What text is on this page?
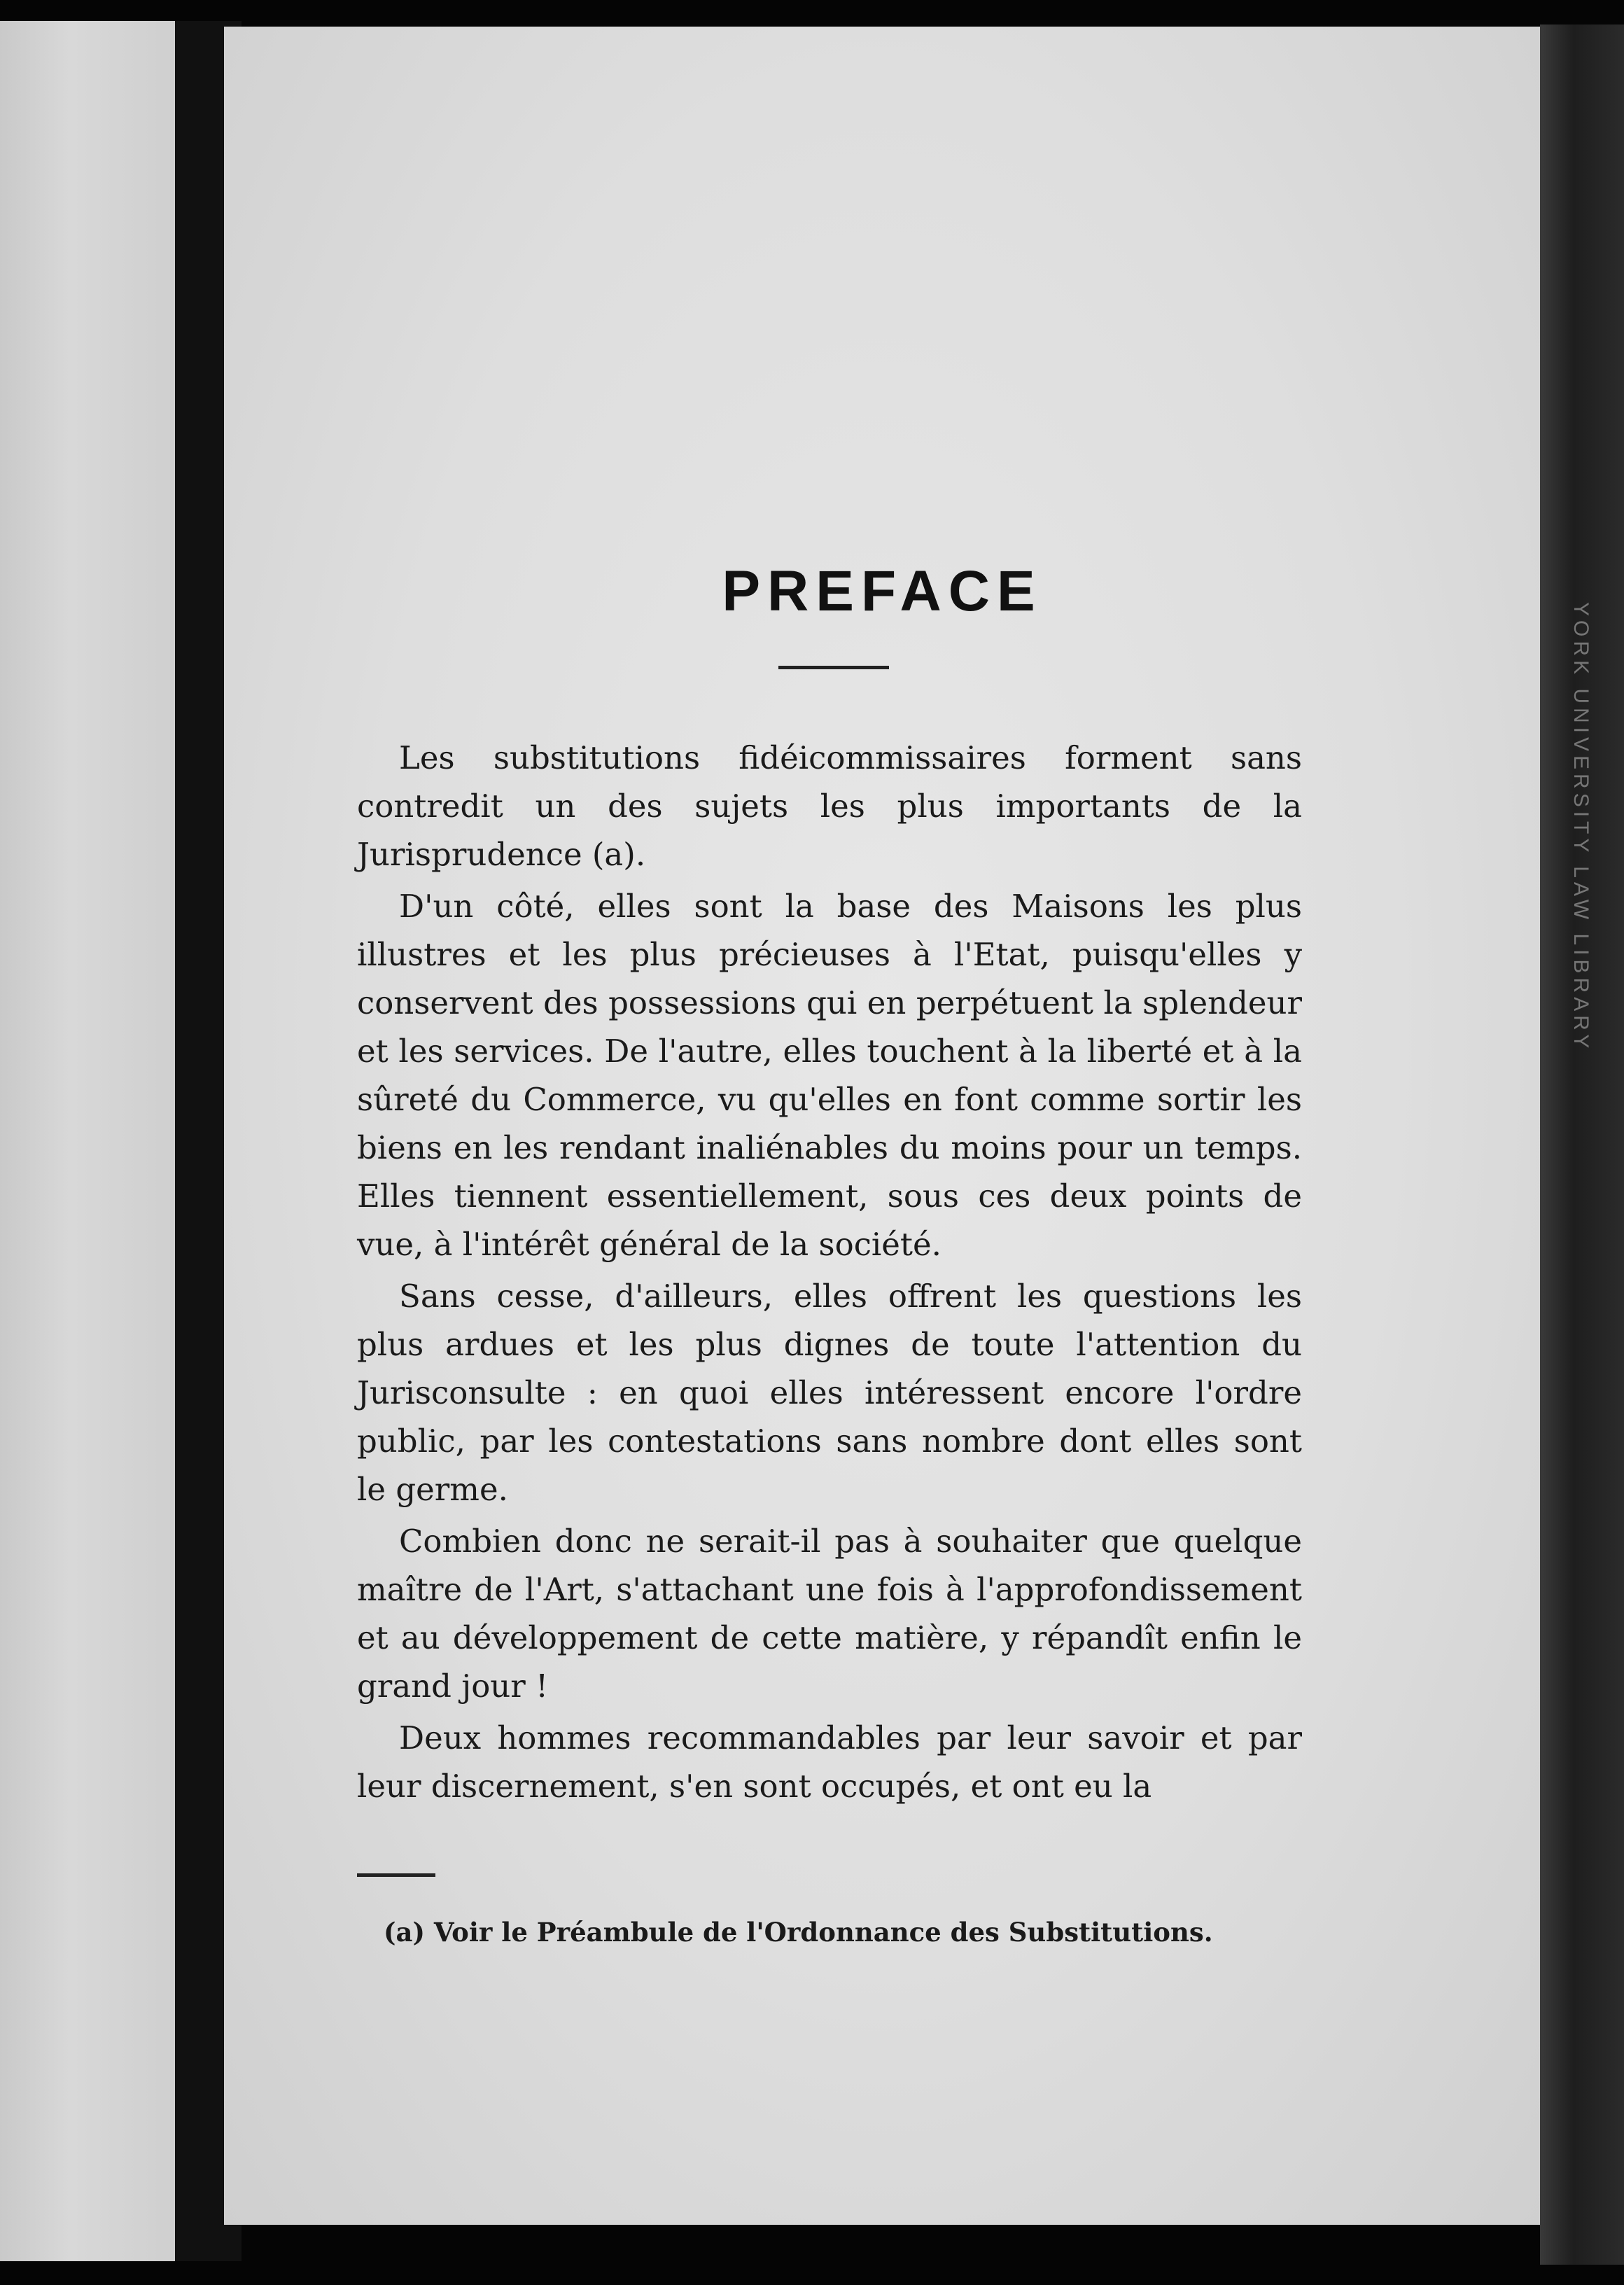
PREFACE

Les substitutions fidéicommissaires forment sans contredit un des sujets les plus importants de la Jurisprudence (a).

D'un côté, elles sont la base des Maisons les plus illustres et les plus précieuses à l'Etat, puisqu'elles y conservent des possessions qui en perpétuent la splendeur et les services. De l'autre, elles touchent à la liberté et à la sûreté du Commerce, vu qu'elles en font comme sortir les biens en les rendant inaliénables du moins pour un temps. Elles tiennent essentiellement, sous ces deux points de vue, à l'intérêt général de la société.

Sans cesse, d'ailleurs, elles offrent les questions les plus ardues et les plus dignes de toute l'attention du Jurisconsulte : en quoi elles intéressent encore l'ordre public, par les contestations sans nombre dont elles sont le germe.

Combien donc ne serait-il pas à souhaiter que quelque maître de l'Art, s'attachant une fois à l'approfondissement et au développement de cette matière, y répandît enfin le grand jour !

Deux hommes recommandables par leur savoir et par leur discernement, s'en sont occupés, et ont eu la

(a) Voir le Préambule de l'Ordonnance des Substitutions.
YORK UNIVERSITY LAW LIBRARY
